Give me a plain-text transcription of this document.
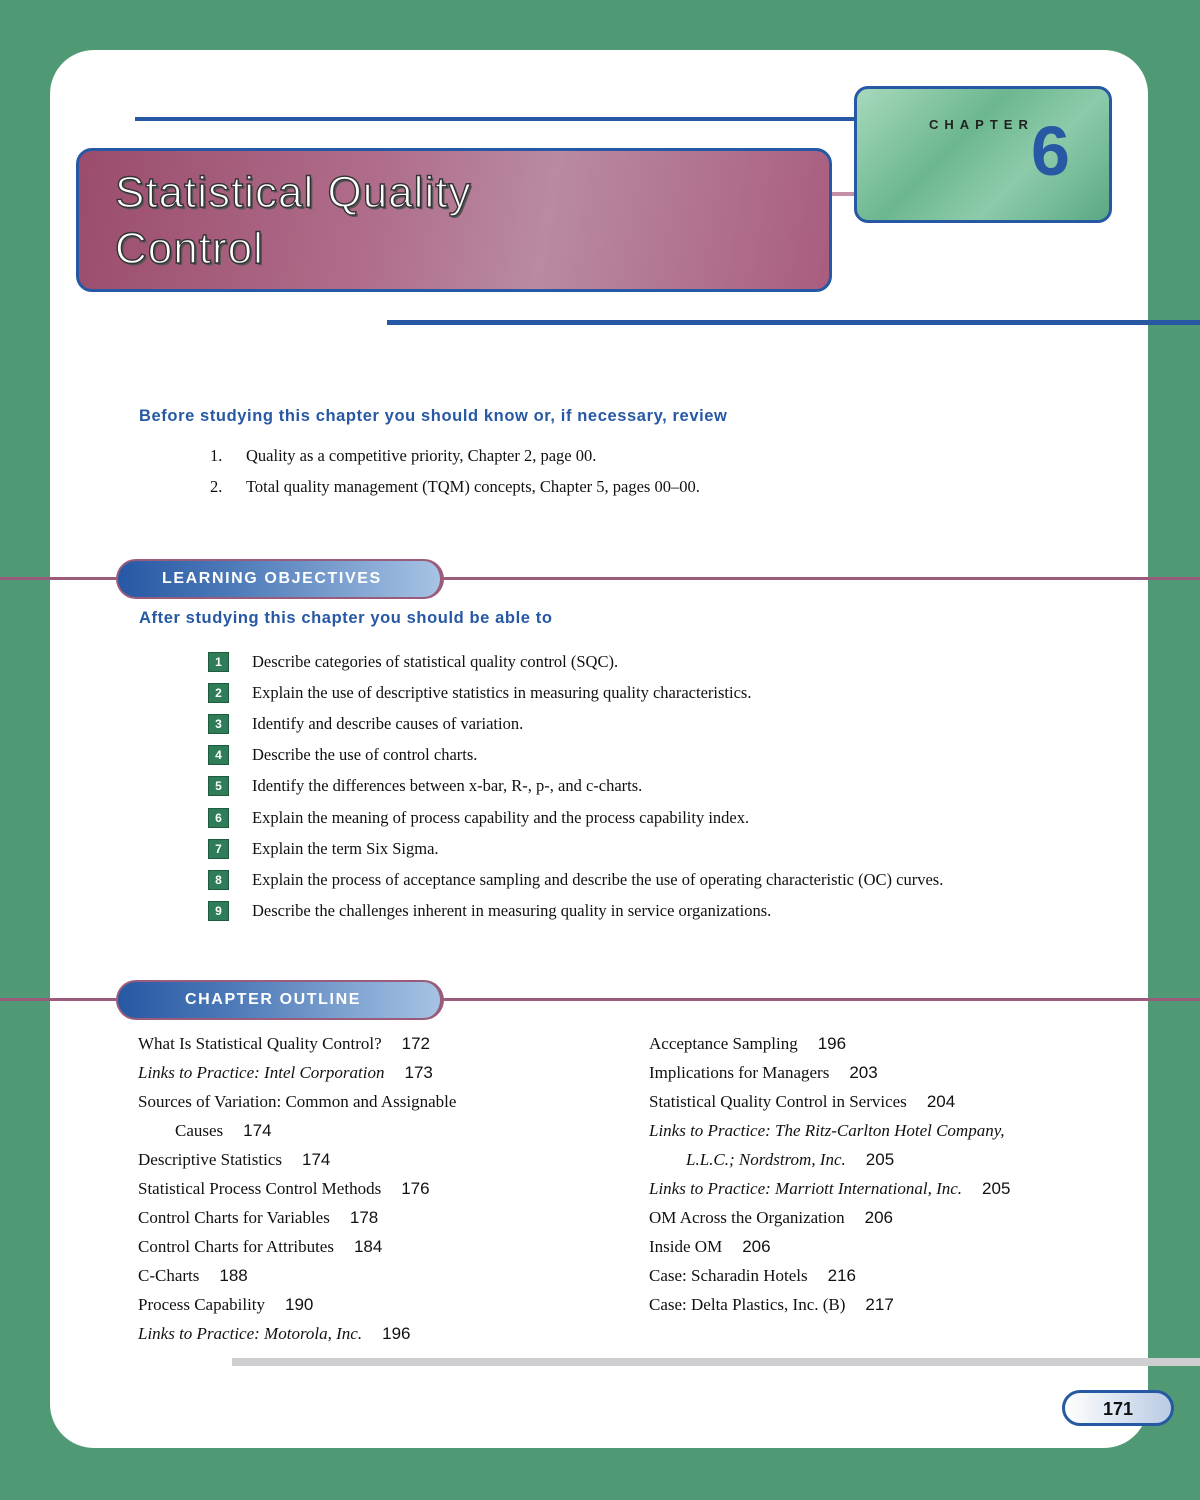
Statistical Quality
Control
CHAPTER
6
Before studying this chapter you should know or, if necessary, review
1.	Quality as a competitive priority, Chapter 2, page 00.
2.	Total quality management (TQM) concepts, Chapter 5, pages 00–00.
LEARNING OBJECTIVES
After studying this chapter you should be able to
1	Describe categories of statistical quality control (SQC).
2	Explain the use of descriptive statistics in measuring quality characteristics.
3	Identify and describe causes of variation.
4	Describe the use of control charts.
5	Identify the differences between x-bar, R-, p-, and c-charts.
6	Explain the meaning of process capability and the process capability index.
7	Explain the term Six Sigma.
8	Explain the process of acceptance sampling and describe the use of operating characteristic (OC) curves.
9	Describe the challenges inherent in measuring quality in service organizations.
CHAPTER OUTLINE
What Is Statistical Quality Control? 172
Links to Practice: Intel Corporation 173
Sources of Variation: Common and Assignable
Causes 174
Descriptive Statistics 174
Statistical Process Control Methods 176
Control Charts for Variables 178
Control Charts for Attributes 184
C-Charts 188
Process Capability 190
Links to Practice: Motorola, Inc. 196
Acceptance Sampling 196
Implications for Managers 203
Statistical Quality Control in Services 204
Links to Practice: The Ritz-Carlton Hotel Company,
L.L.C.; Nordstrom, Inc. 205
Links to Practice: Marriott International, Inc. 205
OM Across the Organization 206
Inside OM 206
Case: Scharadin Hotels 216
Case: Delta Plastics, Inc. (B) 217
171
